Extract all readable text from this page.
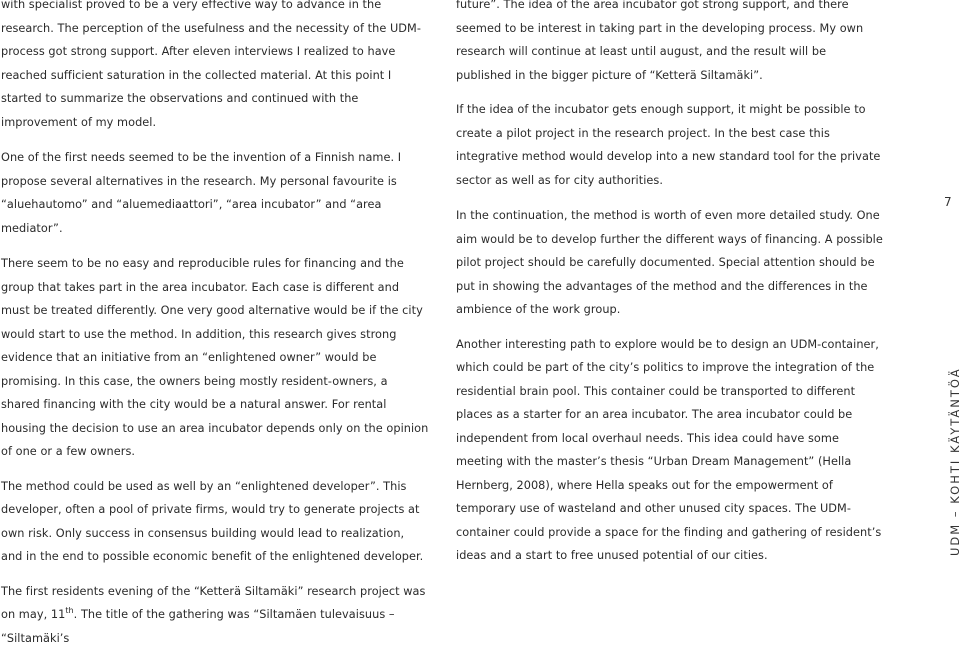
with specialist proved to be a very effective way to advance in the research. The perception of the usefulness and the necessity of the UDM-process got strong support. After eleven interviews I realized to have reached sufficient saturation in the collected material. At this point I started to summarize the observations and continued with the improvement of my model.

One of the first needs seemed to be the invention of a Finnish name. I propose several alternatives in the research. My personal favourite is “aluehautomo” and “aluemediaattori”, “area incubator” and “area mediator”.

There seem to be no easy and reproducible rules for financing and the group that takes part in the area incubator. Each case is different and must be treated differently. One very good alternative would be if the city would start to use the method. In addition, this research gives strong evidence that an initiative from an “enlightened owner” would be promising. In this case, the owners being mostly resident-owners, a shared financing with the city would be a natural answer. For rental housing the decision to use an area incubator depends only on the opinion of one or a few owners.

The method could be used as well by an “enlightened developer”. This developer, often a pool of private firms, would try to generate projects at own risk. Only success in consensus building would lead to realization, and in the end to possible economic benefit of the enlightened developer.

The first residents evening of the “Ketterä Siltamäki” research project was on may, 11th. The title of the gathering was “Siltamäen tulevaisuus – “Siltamäki’s

future”. The idea of the area incubator got strong support, and there seemed to be interest in taking part in the developing process. My own research will continue at least until august, and the result will be published in the bigger picture of “Ketterä Siltamäki”.

If the idea of the incubator gets enough support, it might be possible to create a pilot project in the research project. In the best case this integrative method would develop into a new standard tool for the private sector as well as for city authorities.

In the continuation, the method is worth of even more detailed study. One aim would be to develop further the different ways of financing. A possible pilot project should be carefully documented. Special attention should be put in showing the advantages of the method and the differences in the ambience of the work group.

Another interesting path to explore would be to design an UDM-container, which could be part of the city’s politics to improve the integration of the residential brain pool. This container could be transported to different places as a starter for an area incubator. The area incubator could be independent from local overhaul needs. This idea could have some meeting with the master’s thesis “Urban Dream Management” (Hella Hernberg, 2008), where Hella speaks out for the empowerment of temporary use of wasteland and other unused city spaces. The UDM-container could provide a space for the finding and gathering of resident’s ideas and a start to free unused potential of our cities.

7
UDM – KOHTI KÄYTÄNTÖÄ
